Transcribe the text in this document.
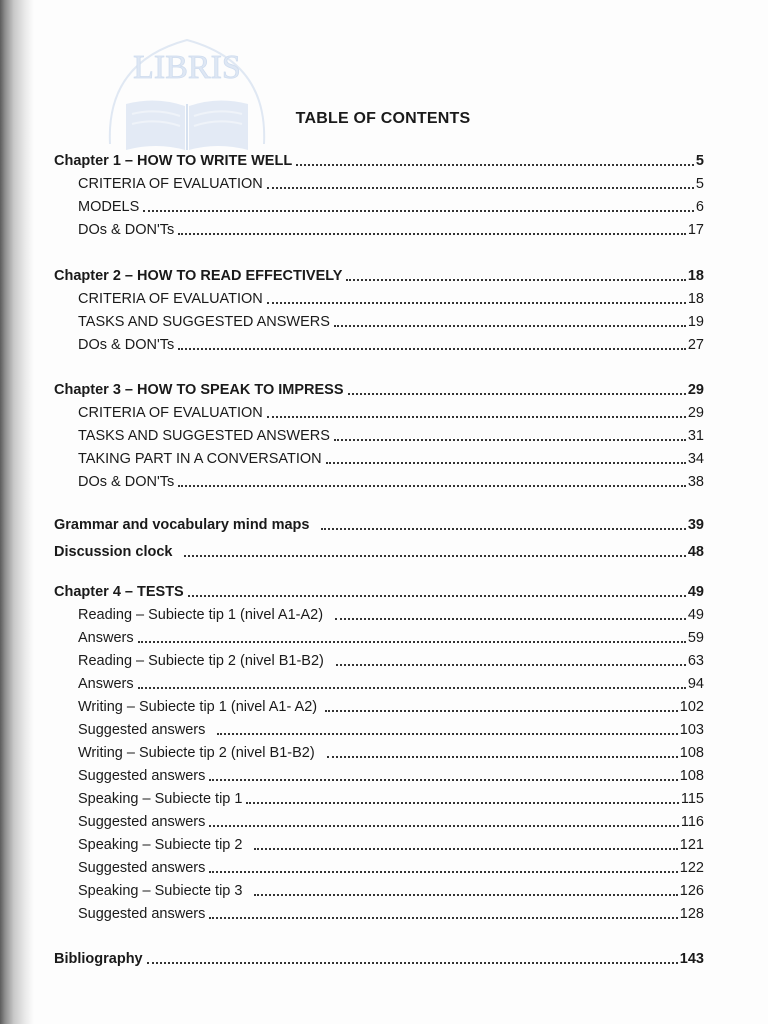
LIBRIS
TABLE OF CONTENTS
Chapter 1 – HOW TO WRITE WELL	5
CRITERIA OF EVALUATION	5
MODELS	6
DOs & DON'Ts	17
Chapter 2 – HOW TO READ EFFECTIVELY	18
CRITERIA OF EVALUATION	18
TASKS AND SUGGESTED ANSWERS	19
DOs & DON'Ts	27
Chapter 3 – HOW TO SPEAK TO IMPRESS	29
CRITERIA OF EVALUATION	29
TASKS AND SUGGESTED ANSWERS	31
TAKING PART IN A CONVERSATION	34
DOs & DON'Ts	38
Grammar and vocabulary mind maps	39
Discussion clock	48
Chapter 4 – TESTS	49
Reading – Subiecte tip 1 (nivel A1-A2)	49
Answers	59
Reading – Subiecte tip 2 (nivel B1-B2)	63
Answers	94
Writing – Subiecte tip 1 (nivel A1- A2)	102
Suggested answers	103
Writing – Subiecte tip 2 (nivel B1-B2)	108
Suggested answers	108
Speaking – Subiecte tip 1	115
Suggested answers	116
Speaking – Subiecte tip 2	121
Suggested answers	122
Speaking – Subiecte tip 3	126
Suggested answers	128
Bibliography	143
